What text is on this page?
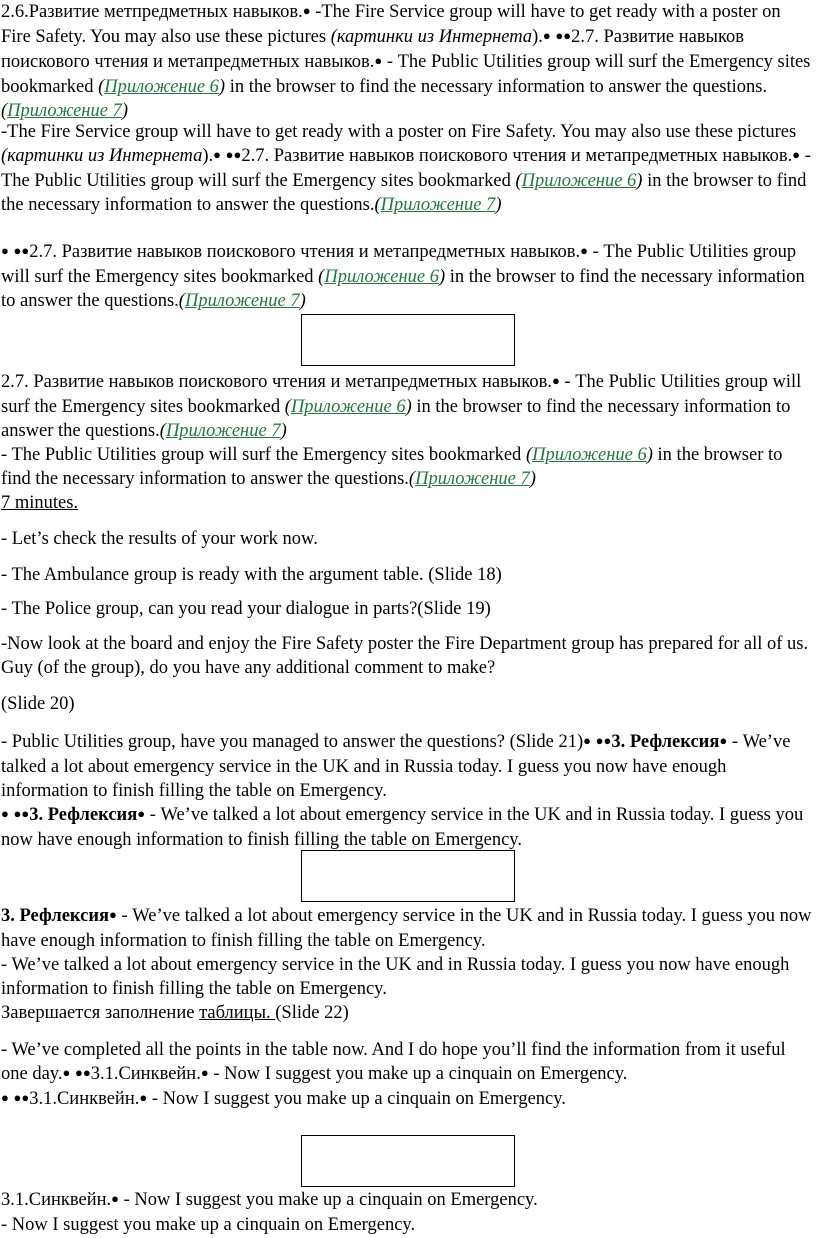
2.6.Развитие метпредметных навыков.● -The Fire Service group will have to get ready with a poster on Fire Safety. You may also use these pictures (картинки из Интернета).● ●●2.7. Развитие навыков поискового чтения и метапредметных навыков.● - The Public Utilities group will surf the Emergency sites bookmarked (Приложение 6) in the browser to find the necessary information to answer the questions.(Приложение 7)

-The Fire Service group will have to get ready with a poster on Fire Safety. You may also use these pictures (картинки из Интернета).● ●●2.7. Развитие навыков поискового чтения и метапредметных навыков.● - The Public Utilities group will surf the Emergency sites bookmarked (Приложение 6) in the browser to find the necessary information to answer the questions.(Приложение 7)

● ●●2.7. Развитие навыков поискового чтения и метапредметных навыков.● - The Public Utilities group will surf the Emergency sites bookmarked (Приложение 6) in the browser to find the necessary information to answer the questions.(Приложение 7)

2.7. Развитие навыков поискового чтения и метапредметных навыков.● - The Public Utilities group will surf the Emergency sites bookmarked (Приложение 6) in the browser to find the necessary information to answer the questions.(Приложение 7)
- The Public Utilities group will surf the Emergency sites bookmarked (Приложение 6) in the browser to find the necessary information to answer the questions.(Приложение 7)
7 minutes.

- Let’s check the results of your work now.

- The Ambulance group is ready with the argument table. (Slide 18)

- The Police group, can you read your dialogue in parts?(Slide 19)

-Now look at the board and enjoy the Fire Safety poster the Fire Department group has prepared for all of us. Guy (of the group), do you have any additional comment to make?

(Slide 20)

- Public Utilities group, have you managed to answer the questions? (Slide 21)● ●●3. Рефлексия● - We’ve talked a lot about emergency service in the UK and in Russia today. I guess you now have enough information to finish filling the table on Emergency.
● ●●3. Рефлексия● - We’ve talked a lot about emergency service in the UK and in Russia today. I guess you now have enough information to finish filling the table on Emergency.

3. Рефлексия● - We’ve talked a lot about emergency service in the UK and in Russia today. I guess you now have enough information to finish filling the table on Emergency.
- We’ve talked a lot about emergency service in the UK and in Russia today. I guess you now have enough information to finish filling the table on Emergency.
Завершается заполнение таблицы. (Slide 22)

- We’ve completed all the points in the table now. And I do hope you’ll find the information from it useful one day.● ●●3.1.Синквейн.● - Now I suggest you make up a cinquain on Emergency.
● ●●3.1.Синквейн.● - Now I suggest you make up a cinquain on Emergency.

3.1.Синквейн.● - Now I suggest you make up a cinquain on Emergency.
- Now I suggest you make up a cinquain on Emergency.
